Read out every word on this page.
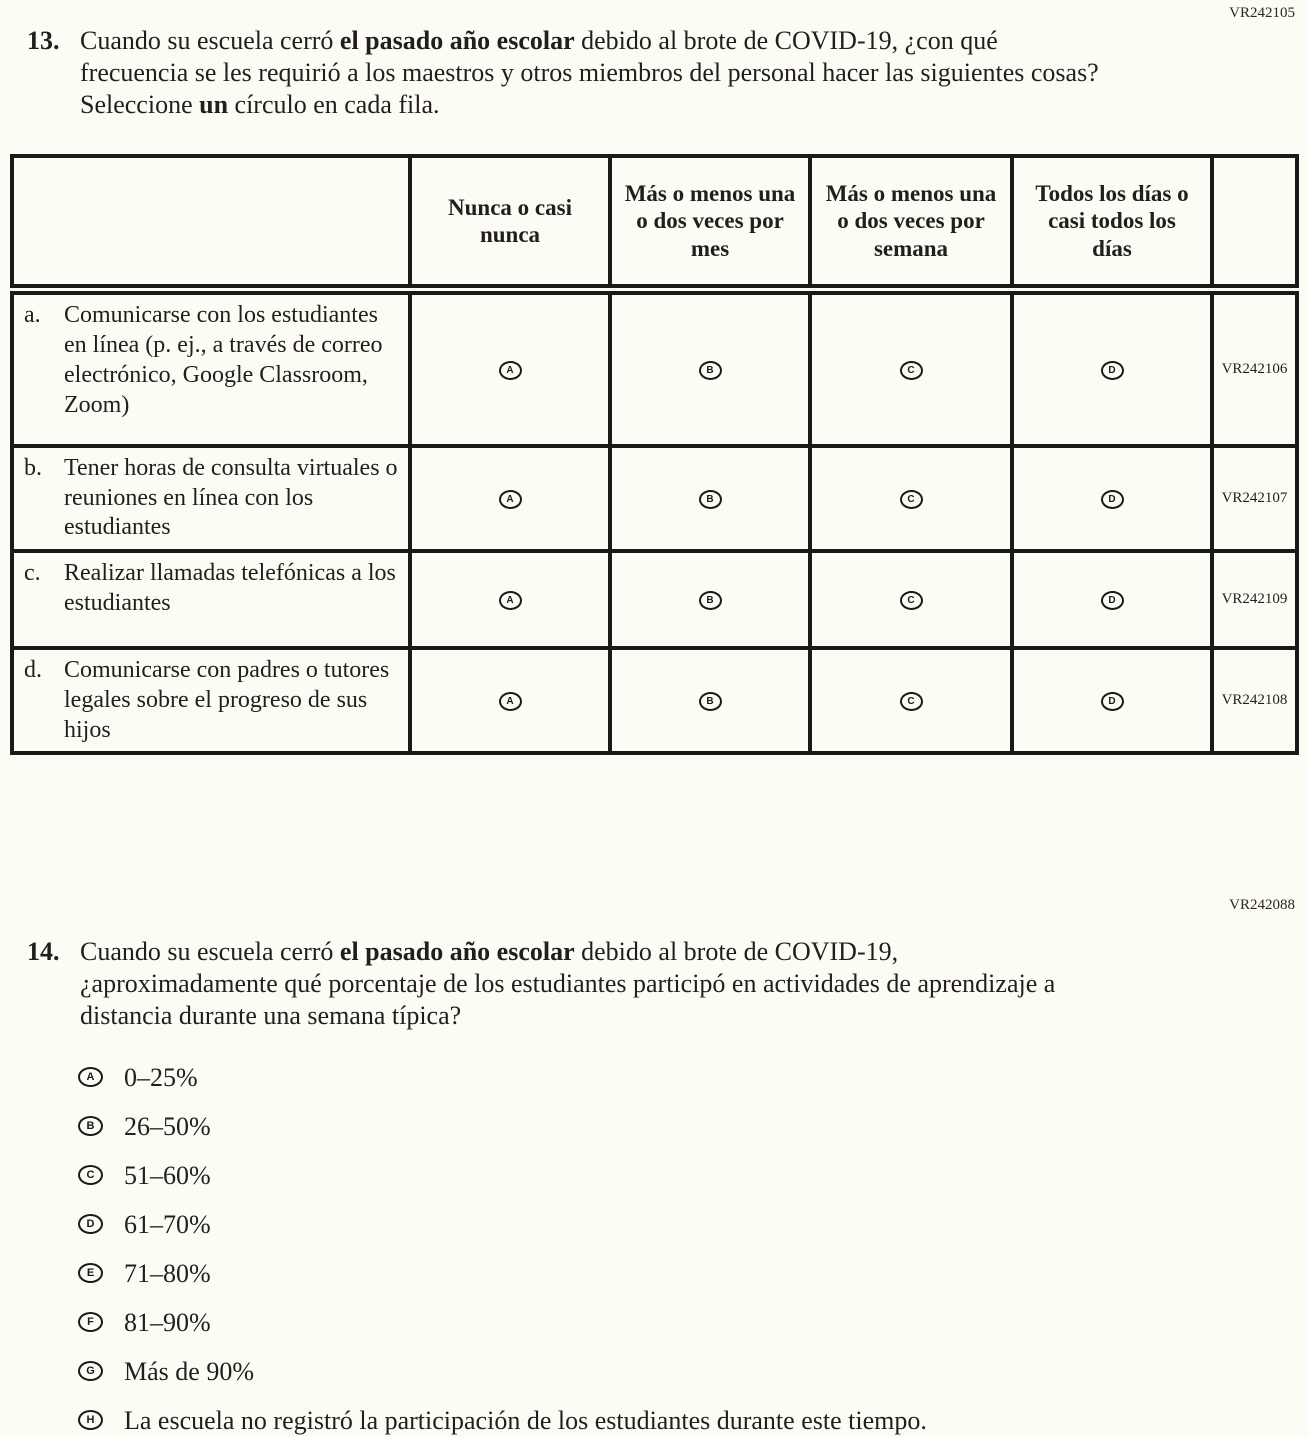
VR242105
13. Cuando su escuela cerró el pasado año escolar debido al brote de COVID-19, ¿con qué frecuencia se les requirió a los maestros y otros miembros del personal hacer las siguientes cosas? Seleccione un círculo en cada fila.
	Nunca o casi nunca	Más o menos una o dos veces por mes	Más o menos una o dos veces por semana	Todos los días o casi todos los días	

a. Comunicarse con los estudiantes en línea (p. ej., a través de correo electrónico, Google Classroom, Zoom)	A	B	C	D	VR242106

b. Tener horas de consulta virtuales o reuniones en línea con los estudiantes	A	B	C	D	VR242107

c. Realizar llamadas telefónicas a los estudiantes	A	B	C	D	VR242109

d. Comunicarse con padres o tutores legales sobre el progreso de sus hijos	A	B	C	D	VR242108
VR242088
14. Cuando su escuela cerró el pasado año escolar debido al brote de COVID-19, ¿aproximadamente qué porcentaje de los estudiantes participó en actividades de aprendizaje a distancia durante una semana típica?
A	0–25%
B	26–50%
C	51–60%
D	61–70%
E	71–80%
F	81–90%
G	Más de 90%
H	La escuela no registró la participación de los estudiantes durante este tiempo.
